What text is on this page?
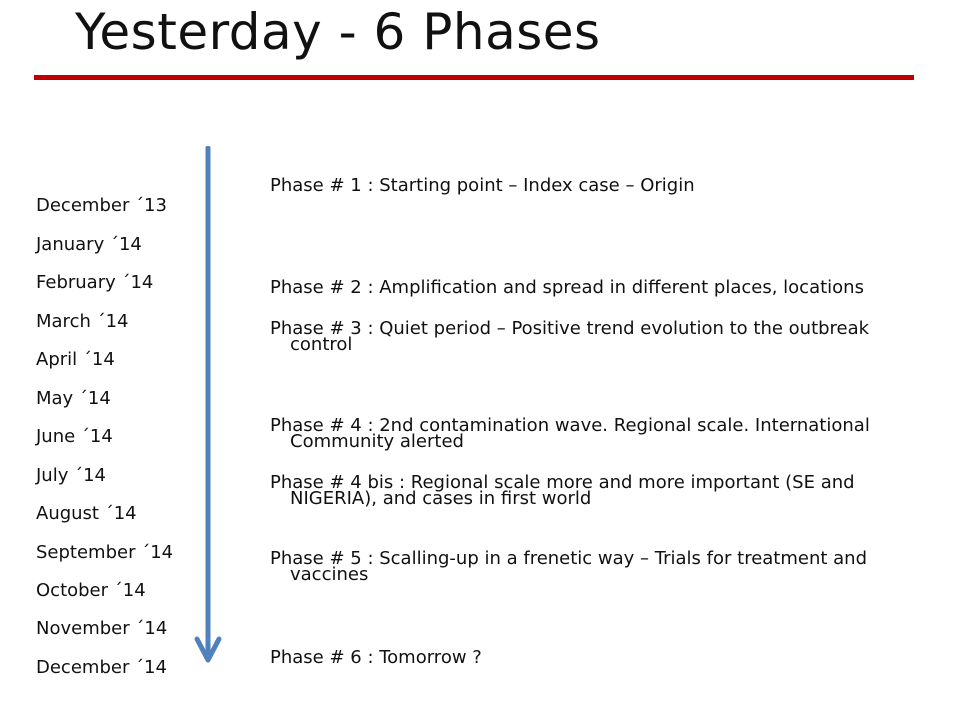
Yesterday - 6 Phases
December ´13
January ´14
February ´14
March ´14
April ´14
May ´14
June ´14
July ´14
August ´14
September ´14
October ´14
November ´14
December ´14
Phase # 1 : Starting point – Index case – Origin
Phase # 2 : Amplification and spread in different places, locations
Phase # 3 : Quiet period – Positive trend evolution to the outbreak
control
Phase # 4 : 2nd contamination wave. Regional scale. International
Community alerted
Phase # 4 bis : Regional scale more and more important (SE and
NIGERIA), and cases in first world
Phase # 5 : Scalling-up in a frenetic way – Trials for treatment and
vaccines
Phase # 6 : Tomorrow ?
